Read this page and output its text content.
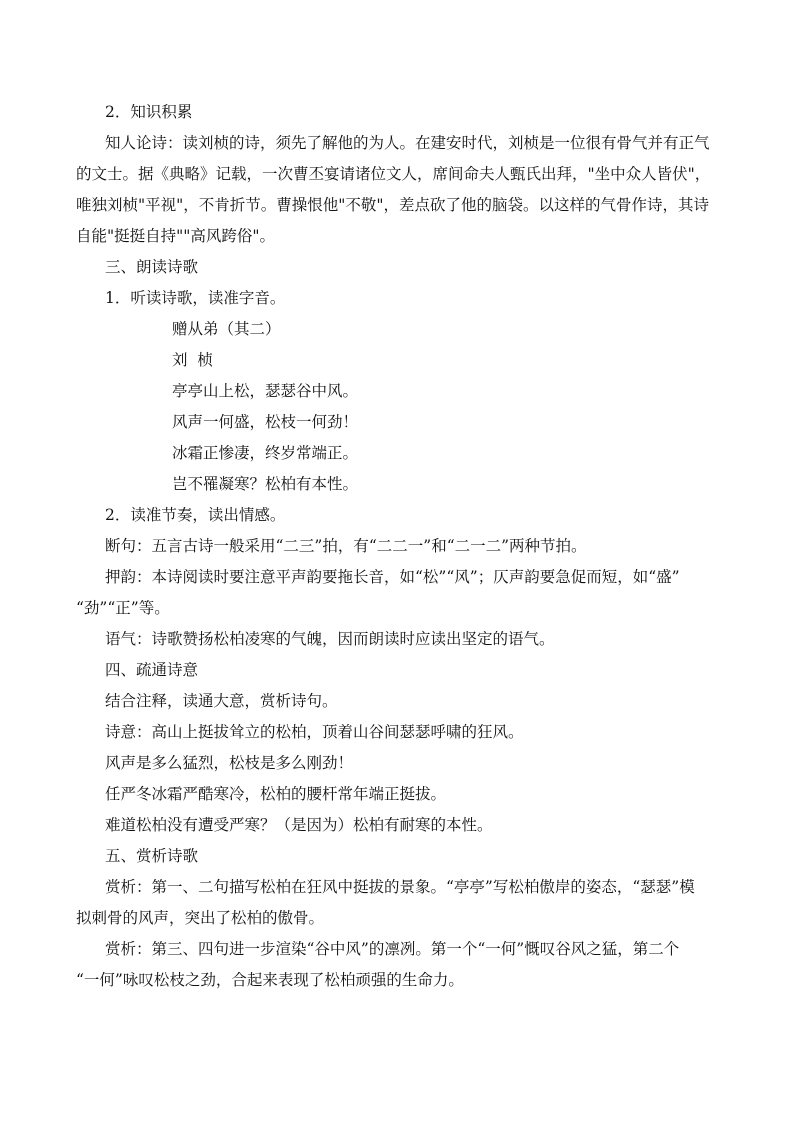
2．知识积累

知人论诗：读刘桢的诗，须先了解他的为人。在建安时代，刘桢是一位很有骨气并有正气
的文士。据《典略》记载，一次曹丕宴请诸位文人，席间命夫人甄氏出拜，"坐中众人皆伏"，
唯独刘桢"平视"，不肯折节。曹操恨他"不敬"，差点砍了他的脑袋。以这样的气骨作诗，其诗
自能"挺挺自持""高风跨俗"。

三、朗读诗歌

1．听读诗歌，读准字音。

赠从弟（其二）

刘  桢

亭亭山上松，瑟瑟谷中风。

风声一何盛，松枝一何劲！

冰霜正惨凄，终岁常端正。

岂不罹凝寒？松柏有本性。

2．读准节奏，读出情感。

断句：五言古诗一般采用“二三”拍，有“二二一”和“二一二”两种节拍。

押韵：本诗阅读时要注意平声韵要拖长音，如“松”“风”；仄声韵要急促而短，如“盛”
“劲”“正”等。

语气：诗歌赞扬松柏凌寒的气魄，因而朗读时应读出坚定的语气。

四、疏通诗意

结合注释，读通大意，赏析诗句。

诗意：高山上挺拔耸立的松柏，顶着山谷间瑟瑟呼啸的狂风。

风声是多么猛烈，松枝是多么刚劲！

任严冬冰霜严酷寒冷，松柏的腰杆常年端正挺拔。

难道松柏没有遭受严寒？（是因为）松柏有耐寒的本性。

五、赏析诗歌

赏析：第一、二句描写松柏在狂风中挺拔的景象。“亭亭”写松柏傲岸的姿态，“瑟瑟”模
拟刺骨的风声，突出了松柏的傲骨。
赏析：第三、四句进一步渲染“谷中风”的凛冽。第一个“一何”慨叹谷风之猛，第二个
“一何”咏叹松枝之劲，合起来表现了松柏顽强的生命力。
